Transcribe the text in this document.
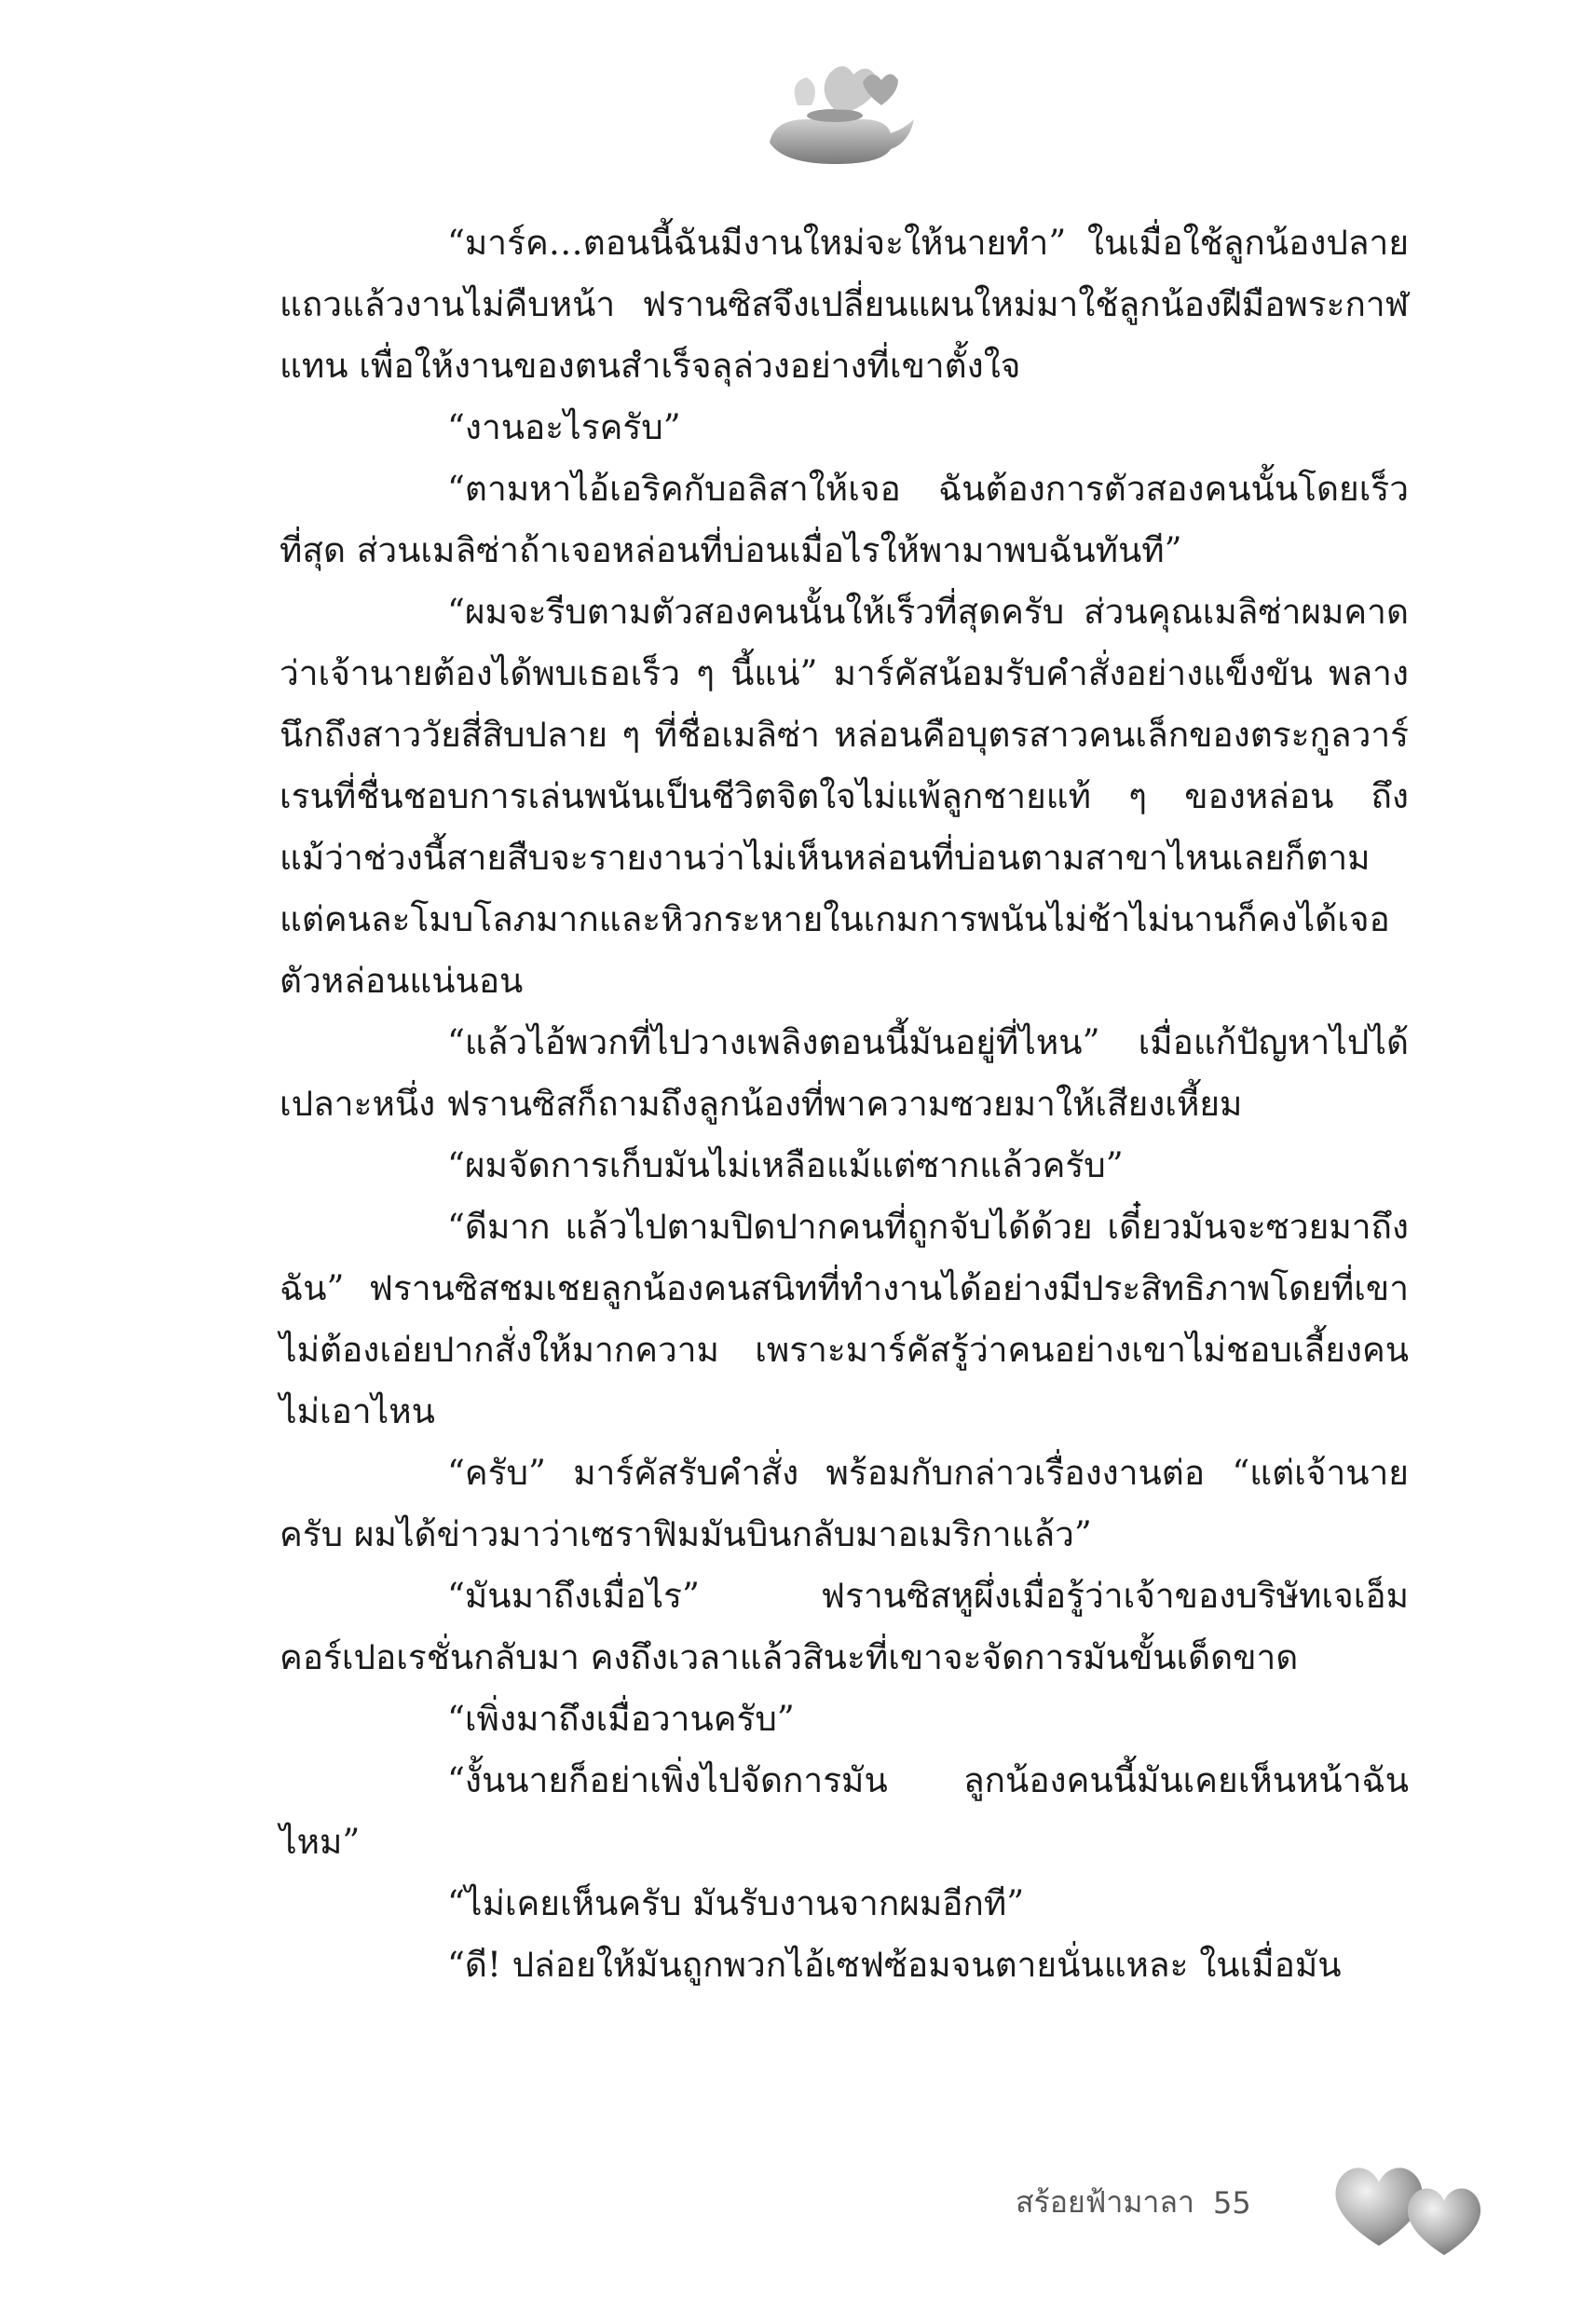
“มาร์ค…ตอนนี้ฉันมีงานใหม่จะให้นายทำ” ในเมื่อใช้ลูกน้องปลายแถวแล้วงานไม่คืบหน้า ฟรานซิสจึงเปลี่ยนแผนใหม่มาใช้ลูกน้องฝีมือพระกาฬแทน เพื่อให้งานของตนสำเร็จลุล่วงอย่างที่เขาตั้งใจ

“งานอะไรครับ”

“ตามหาไอ้เอริคกับอลิสาให้เจอ ฉันต้องการตัวสองคนนั้นโดยเร็วที่สุด ส่วนเมลิซ่าถ้าเจอหล่อนที่บ่อนเมื่อไรให้พามาพบฉันทันที”

“ผมจะรีบตามตัวสองคนนั้นให้เร็วที่สุดครับ ส่วนคุณเมลิซ่าผมคาดว่าเจ้านายต้องได้พบเธอเร็ว ๆ นี้แน่” มาร์คัสน้อมรับคำสั่งอย่างแข็งขัน พลางนึกถึงสาววัยสี่สิบปลาย ๆ ที่ชื่อเมลิซ่า หล่อนคือบุตรสาวคนเล็กของตระกูลวาร์เรนที่ชื่นชอบการเล่นพนันเป็นชีวิตจิตใจไม่แพ้ลูกชายแท้ ๆ ของหล่อน ถึงแม้ว่าช่วงนี้สายสืบจะรายงานว่าไม่เห็นหล่อนที่บ่อนตามสาขาไหนเลยก็ตาม แต่คนละโมบโลภมากและหิวกระหายในเกมการพนันไม่ช้าไม่นานก็คงได้เจอตัวหล่อนแน่นอน

“แล้วไอ้พวกที่ไปวางเพลิงตอนนี้มันอยู่ที่ไหน” เมื่อแก้ปัญหาไปได้เปลาะหนึ่ง ฟรานซิสก็ถามถึงลูกน้องที่พาความซวยมาให้เสียงเหี้ยม

“ผมจัดการเก็บมันไม่เหลือแม้แต่ซากแล้วครับ”

“ดีมาก แล้วไปตามปิดปากคนที่ถูกจับได้ด้วย เดี๋ยวมันจะซวยมาถึงฉัน” ฟรานซิสชมเชยลูกน้องคนสนิทที่ทำงานได้อย่างมีประสิทธิภาพโดยที่เขาไม่ต้องเอ่ยปากสั่งให้มากความ เพราะมาร์คัสรู้ว่าคนอย่างเขาไม่ชอบเลี้ยงคนไม่เอาไหน

“ครับ” มาร์คัสรับคำสั่ง พร้อมกับกล่าวเรื่องงานต่อ “แต่เจ้านายครับ ผมได้ข่าวมาว่าเซราฟิมมันบินกลับมาอเมริกาแล้ว”

“มันมาถึงเมื่อไร” ฟรานซิสหูผึ่งเมื่อรู้ว่าเจ้าของบริษัทเจเอ็มคอร์เปอเรชั่นกลับมา คงถึงเวลาแล้วสินะที่เขาจะจัดการมันขั้นเด็ดขาด

“เพิ่งมาถึงเมื่อวานครับ”

“งั้นนายก็อย่าเพิ่งไปจัดการมัน ลูกน้องคนนี้มันเคยเห็นหน้าฉันไหม”

“ไม่เคยเห็นครับ มันรับงานจากผมอีกที”

“ดี! ปล่อยให้มันถูกพวกไอ้เซฟซ้อมจนตายนั่นแหละ ในเมื่อมัน

สร้อยฟ้ามาลา 55
